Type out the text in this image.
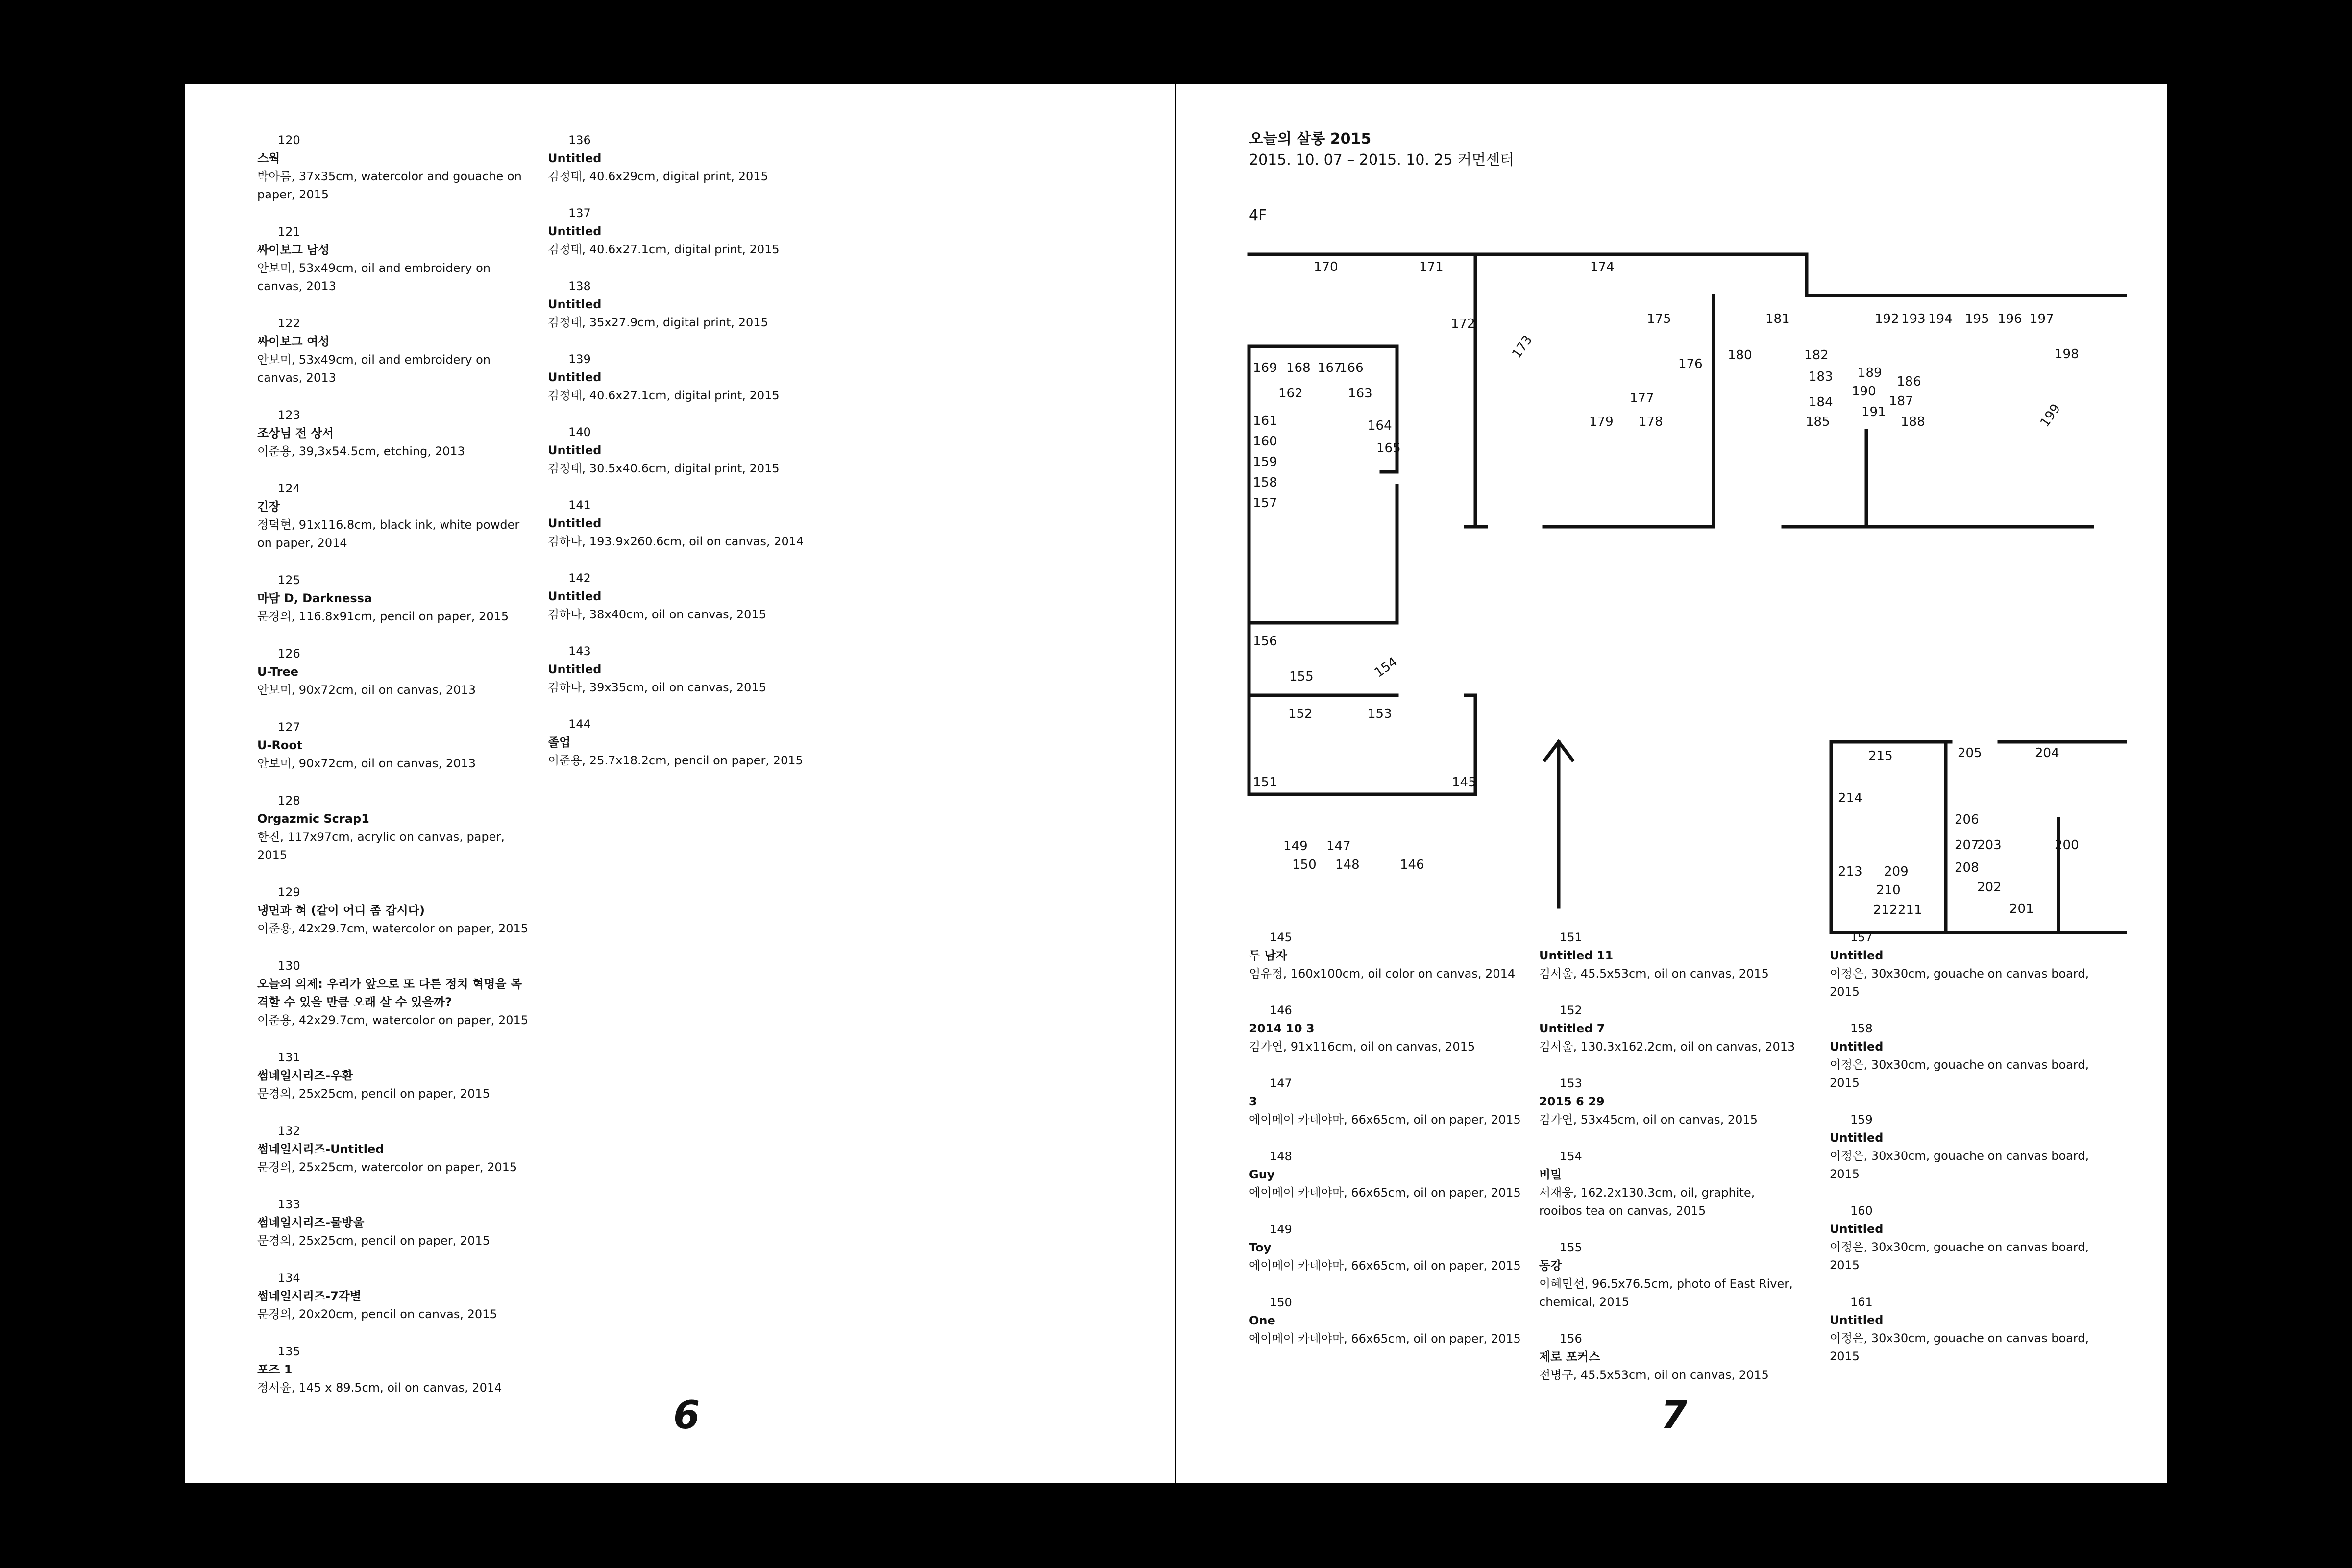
120
스웍
박아름, 37x35cm, watercolor and gouache on
paper, 2015
121
싸이보그 남성
안보미, 53x49cm, oil and embroidery on
canvas, 2013
122
싸이보그 여성
안보미, 53x49cm, oil and embroidery on
canvas, 2013
123
조상님 전 상서
이준용, 39,3x54.5cm, etching, 2013
124
긴장
정덕현, 91x116.8cm, black ink, white powder
on paper, 2014
125
마담 D, Darknessa
문경의, 116.8x91cm, pencil on paper, 2015
126
U-Tree
안보미, 90x72cm, oil on canvas, 2013
127
U-Root
안보미, 90x72cm, oil on canvas, 2013
128
Orgazmic Scrap1
한진, 117x97cm, acrylic on canvas, paper,
2015
129
냉면과 혀 (같이 어디 좀 갑시다)
이준용, 42x29.7cm, watercolor on paper, 2015
130
오늘의 의제: 우리가 앞으로 또 다른 정치 혁명을 목
격할 수 있을 만큼 오래 살 수 있을까?
이준용, 42x29.7cm, watercolor on paper, 2015
131
썸네일시리즈-우환
문경의, 25x25cm, pencil on paper, 2015
132
썸네일시리즈-Untitled
문경의, 25x25cm, watercolor on paper, 2015
133
썸네일시리즈-물방울
문경의, 25x25cm, pencil on paper, 2015
134
썸네일시리즈-7각별
문경의, 20x20cm, pencil on canvas, 2015
135
포즈 1
정서윤, 145 x 89.5cm, oil on canvas, 2014
136
Untitled
김정태, 40.6x29cm, digital print, 2015
137
Untitled
김정태, 40.6x27.1cm, digital print, 2015
138
Untitled
김정태, 35x27.9cm, digital print, 2015
139
Untitled
김정태, 40.6x27.1cm, digital print, 2015
140
Untitled
김정태, 30.5x40.6cm, digital print, 2015
141
Untitled
김하나, 193.9x260.6cm, oil on canvas, 2014
142
Untitled
김하나, 38x40cm, oil on canvas, 2015
143
Untitled
김하나, 39x35cm, oil on canvas, 2015
144
졸업
이준용, 25.7x18.2cm, pencil on paper, 2015
6
오늘의 살롱 2015
2015. 10. 07 – 2015. 10. 25 커먼센터
4F
145
146
147
148
149
150
151
152	153
154
155
156
157
158
159
160
161
162	163
164
165
166
167
168
169
170	171
172
173
174
175
176
177
178
179
180
181
182
183
184
185
186
187
188
189
190
191
192 193 194 195 196 197
198
199
200
201
202
203
204
205
206
207
208
209
210
211
212
213
214
215
145
두 남자
엄유정, 160x100cm, oil color on canvas, 2014
146
2014 10 3
김가연, 91x116cm, oil on canvas, 2015
147
3
에이메이 카네야마, 66x65cm, oil on paper, 2015
148
Guy
에이메이 카네야마, 66x65cm, oil on paper, 2015
149
Toy
에이메이 카네야마, 66x65cm, oil on paper, 2015
150
One
에이메이 카네야마, 66x65cm, oil on paper, 2015
151
Untitled 11
김서울, 45.5x53cm, oil on canvas, 2015
152
Untitled 7
김서울, 130.3x162.2cm, oil on canvas, 2013
153
2015 6 29
김가연, 53x45cm, oil on canvas, 2015
154
비밀
서재웅, 162.2x130.3cm, oil, graphite,
rooibos tea on canvas, 2015
155
동강
이혜민선, 96.5x76.5cm, photo of East River,
chemical, 2015
156
제로 포커스
전병구, 45.5x53cm, oil on canvas, 2015
157
Untitled
이정은, 30x30cm, gouache on canvas board,
2015
158
Untitled
이정은, 30x30cm, gouache on canvas board,
2015
159
Untitled
이정은, 30x30cm, gouache on canvas board,
2015
160
Untitled
이정은, 30x30cm, gouache on canvas board,
2015
161
Untitled
이정은, 30x30cm, gouache on canvas board,
2015
7
